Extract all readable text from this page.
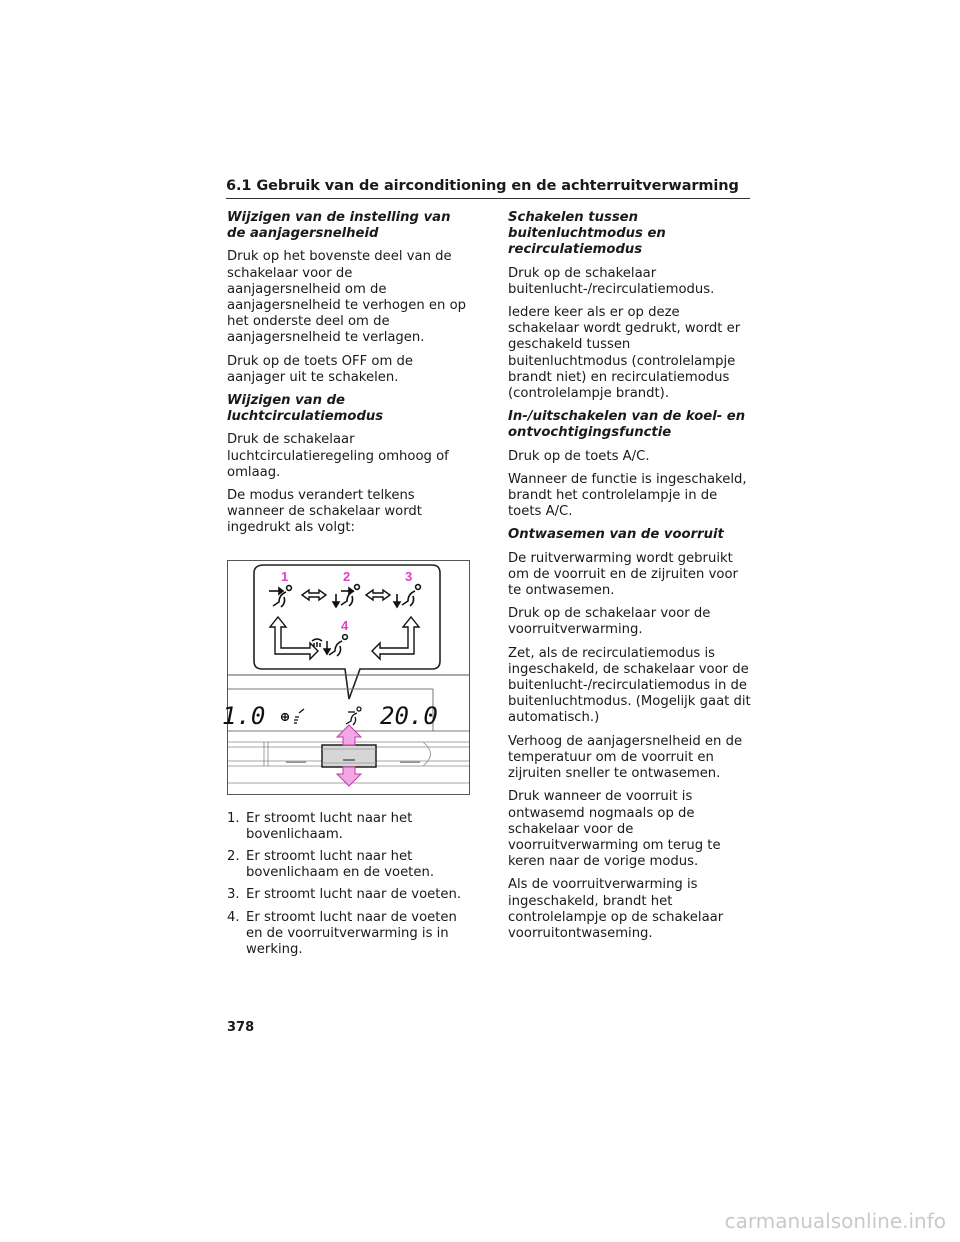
6.1 Gebruik van de airconditioning en de achterruitverwarming
Wijzigen van de instelling van de aanjagersnelheid

Druk op het bovenste deel van de schakelaar voor de aanjagersnelheid om de aanjagersnelheid te verhogen en op het onderste deel om de aanjagersnelheid te verlagen.

Druk op de toets OFF om de aanjager uit te schakelen.

Wijzigen van de luchtcirculatiemodus

Druk de schakelaar luchtcirculatieregeling omhoog of omlaag.

De modus verandert telkens wanneer de schakelaar wordt ingedrukt als volgt:

1	2	3
4
1.0	20.0
1. Er stroomt lucht naar het bovenlichaam.
2. Er stroomt lucht naar het bovenlichaam en de voeten.
3. Er stroomt lucht naar de voeten.
4. Er stroomt lucht naar de voeten en de voorruitverwarming is in werking.
Schakelen tussen buitenluchtmodus en recirculatiemodus

Druk op de schakelaar buitenlucht-/recirculatiemodus.

Iedere keer als er op deze schakelaar wordt gedrukt, wordt er geschakeld tussen buitenluchtmodus (controlelampje brandt niet) en recirculatiemodus (controlelampje brandt).

In-/uitschakelen van de koel- en ontvochtigingsfunctie

Druk op de toets A/C.

Wanneer de functie is ingeschakeld, brandt het controlelampje in de toets A/C.

Ontwasemen van de voorruit

De ruitverwarming wordt gebruikt om de voorruit en de zijruiten voor te ontwasemen.

Druk op de schakelaar voor de voorruitverwarming.

Zet, als de recirculatiemodus is ingeschakeld, de schakelaar voor de buitenlucht-/recirculatiemodus in de buitenluchtmodus. (Mogelijk gaat dit automatisch.)

Verhoog de aanjagersnelheid en de temperatuur om de voorruit en zijruiten sneller te ontwasemen.

Druk wanneer de voorruit is ontwasemd nogmaals op de schakelaar voor de voorruitverwarming om terug te keren naar de vorige modus.

Als de voorruitverwarming is ingeschakeld, brandt het controlelampje op de schakelaar voorruitontwaseming.

378
carmanualsonline.info
